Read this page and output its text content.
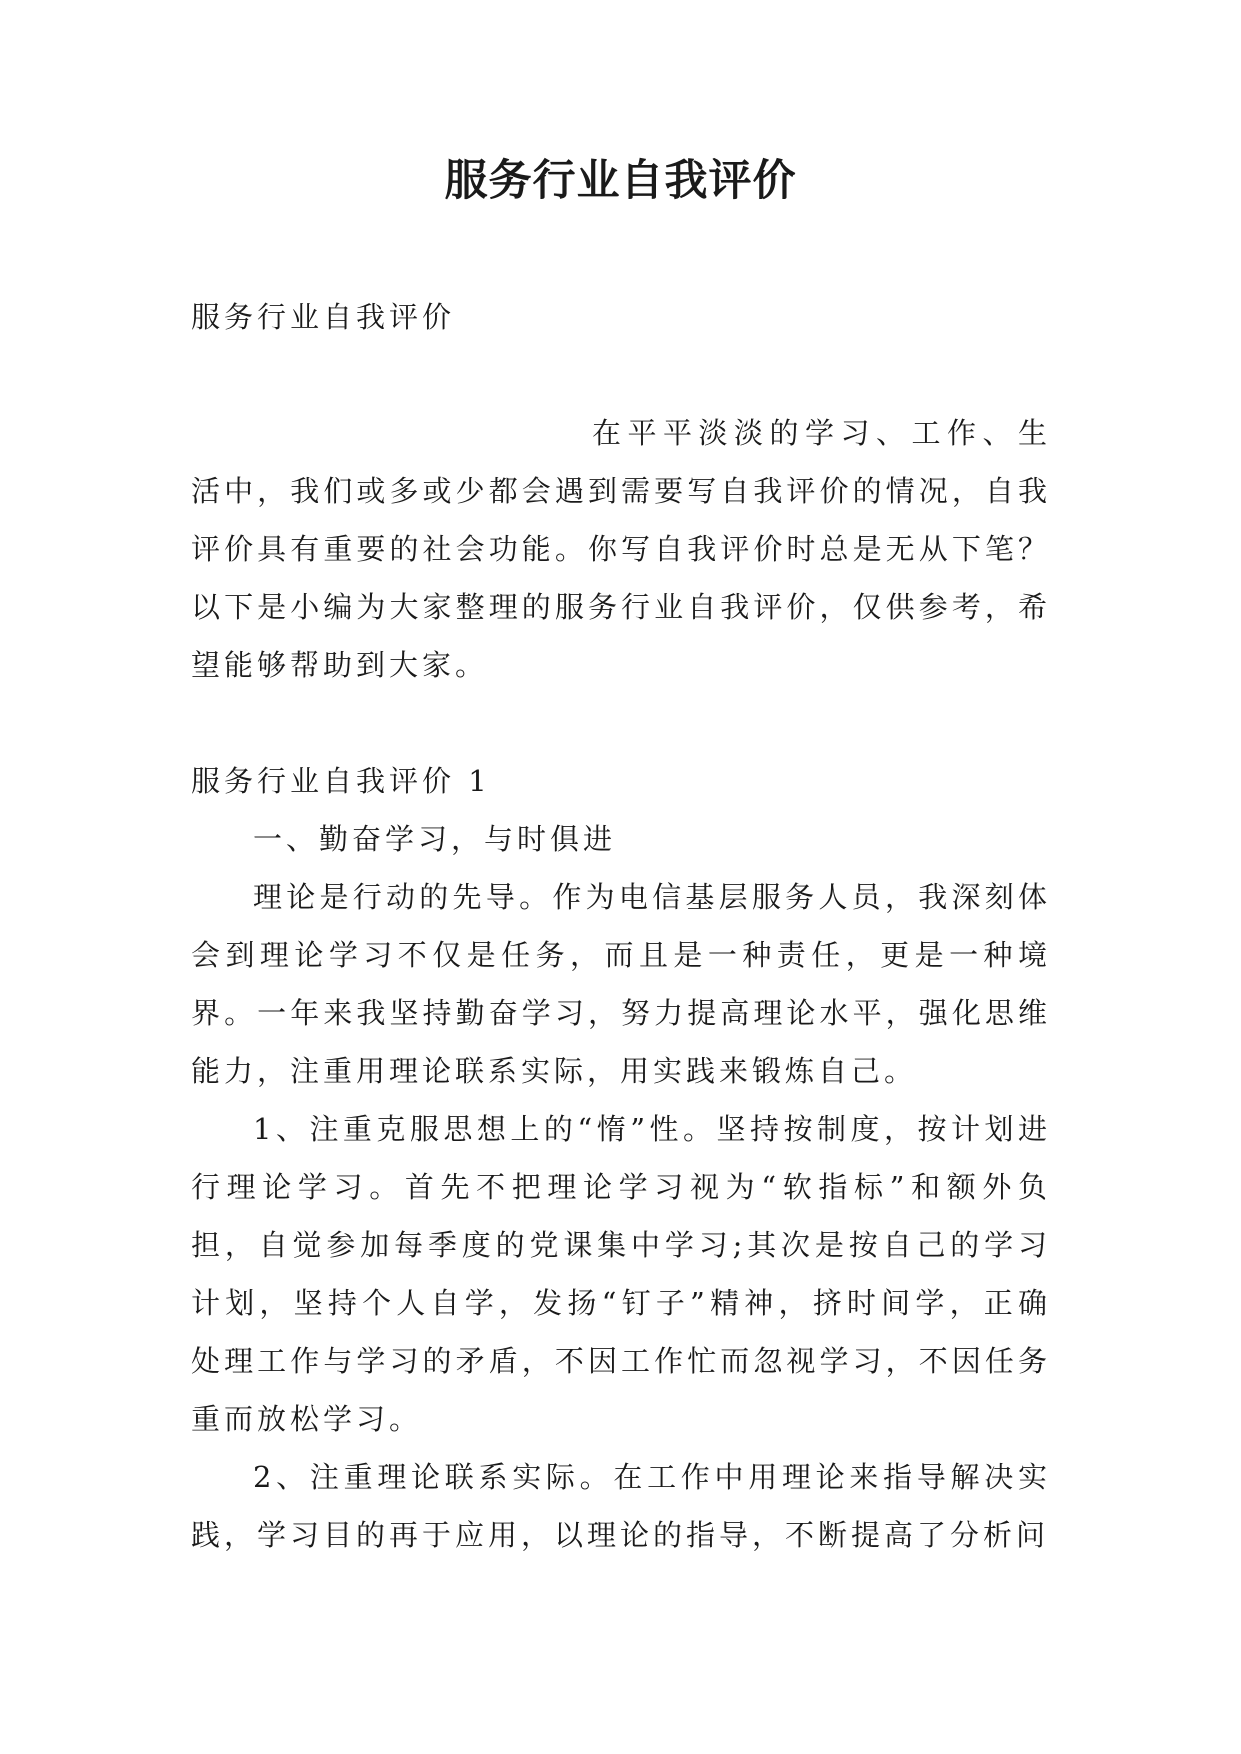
服务行业自我评价

服务行业自我评价

在平平淡淡的学习、工作、生活中，我们或多或少都会遇到需要写自我评价的情况，自我评价具有重要的社会功能。你写自我评价时总是无从下笔？以下是小编为大家整理的服务行业自我评价，仅供参考，希望能够帮助到大家。

服务行业自我评价 1

一、勤奋学习，与时俱进

理论是行动的先导。作为电信基层服务人员，我深刻体会到理论学习不仅是任务，而且是一种责任，更是一种境界。一年来我坚持勤奋学习，努力提高理论水平，强化思维能力，注重用理论联系实际，用实践来锻炼自己。

1、注重克服思想上的“惰”性。坚持按制度，按计划进行理论学习。首先不把理论学习视为“软指标”和额外负担，自觉参加每季度的党课集中学习;其次是按自己的学习计划，坚持个人自学，发扬“钉子”精神，挤时间学，正确处理工作与学习的矛盾，不因工作忙而忽视学习，不因任务重而放松学习。

2、注重理论联系实际。在工作中用理论来指导解决实践，学习目的再于应用，以理论的指导，不断提高了分析问
